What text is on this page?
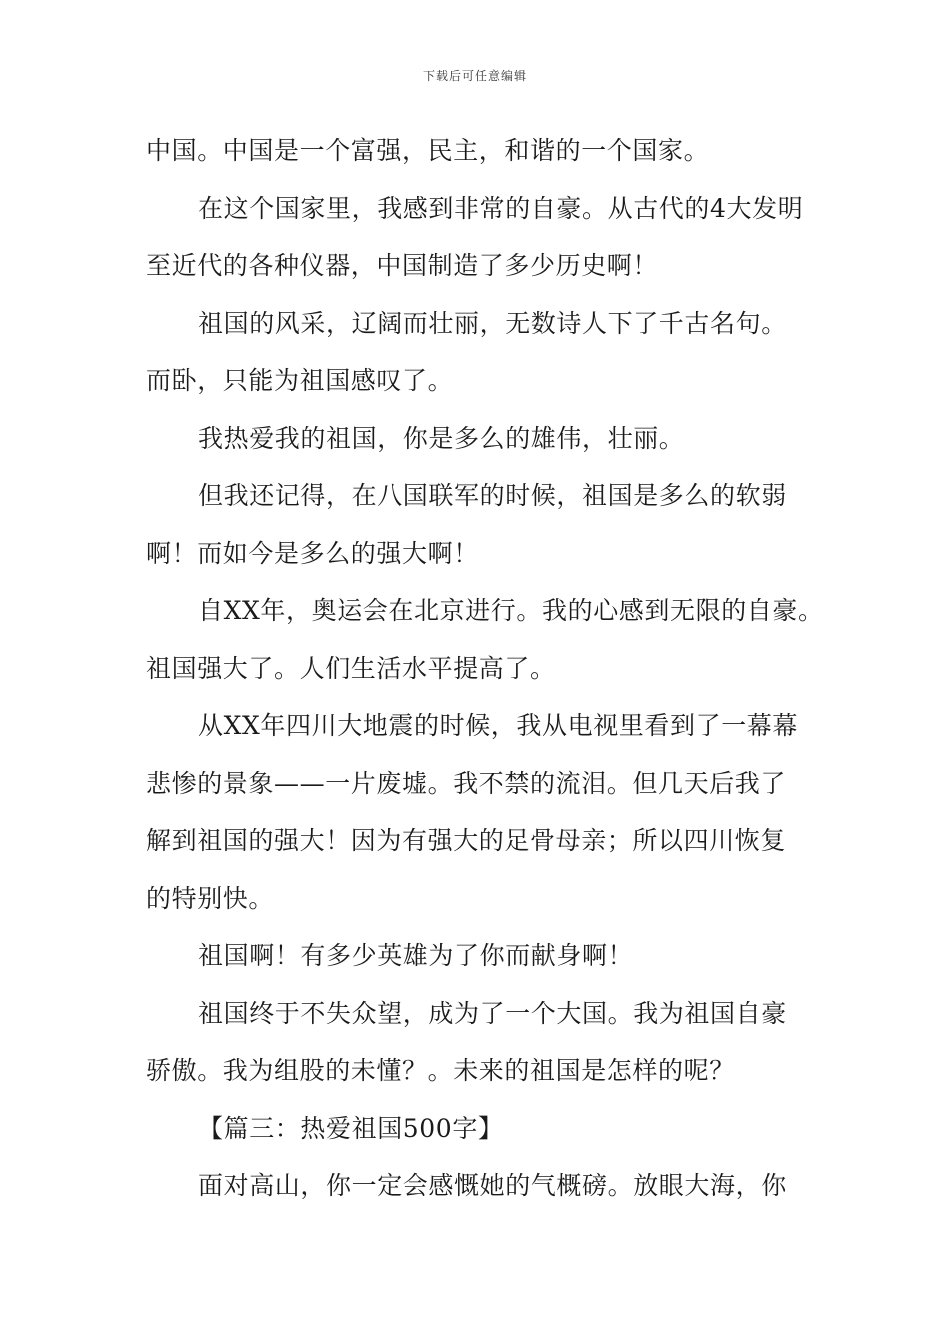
下载后可任意编辑
中国。中国是一个富强，民主，和谐的一个国家。
在这个国家里，我感到非常的自豪。从古代的4大发明
至近代的各种仪器，中国制造了多少历史啊！
祖国的风采，辽阔而壮丽，无数诗人下了千古名句。
而卧，只能为祖国感叹了。
我热爱我的祖国，你是多么的雄伟，壮丽。
但我还记得，在八国联军的时候，祖国是多么的软弱
啊！而如今是多么的强大啊！
自XX年，奥运会在北京进行。我的心感到无限的自豪。
祖国强大了。人们生活水平提高了。
从XX年四川大地震的时候，我从电视里看到了一幕幕
悲惨的景象——一片废墟。我不禁的流泪。但几天后我了
解到祖国的强大！因为有强大的足骨母亲；所以四川恢复
的特别快。
祖国啊！有多少英雄为了你而献身啊！
祖国终于不失众望，成为了一个大国。我为祖国自豪
骄傲。我为组股的未懂？。未来的祖国是怎样的呢？
【篇三：热爱祖国500字】
面对高山，你一定会感慨她的气概磅。放眼大海，你
